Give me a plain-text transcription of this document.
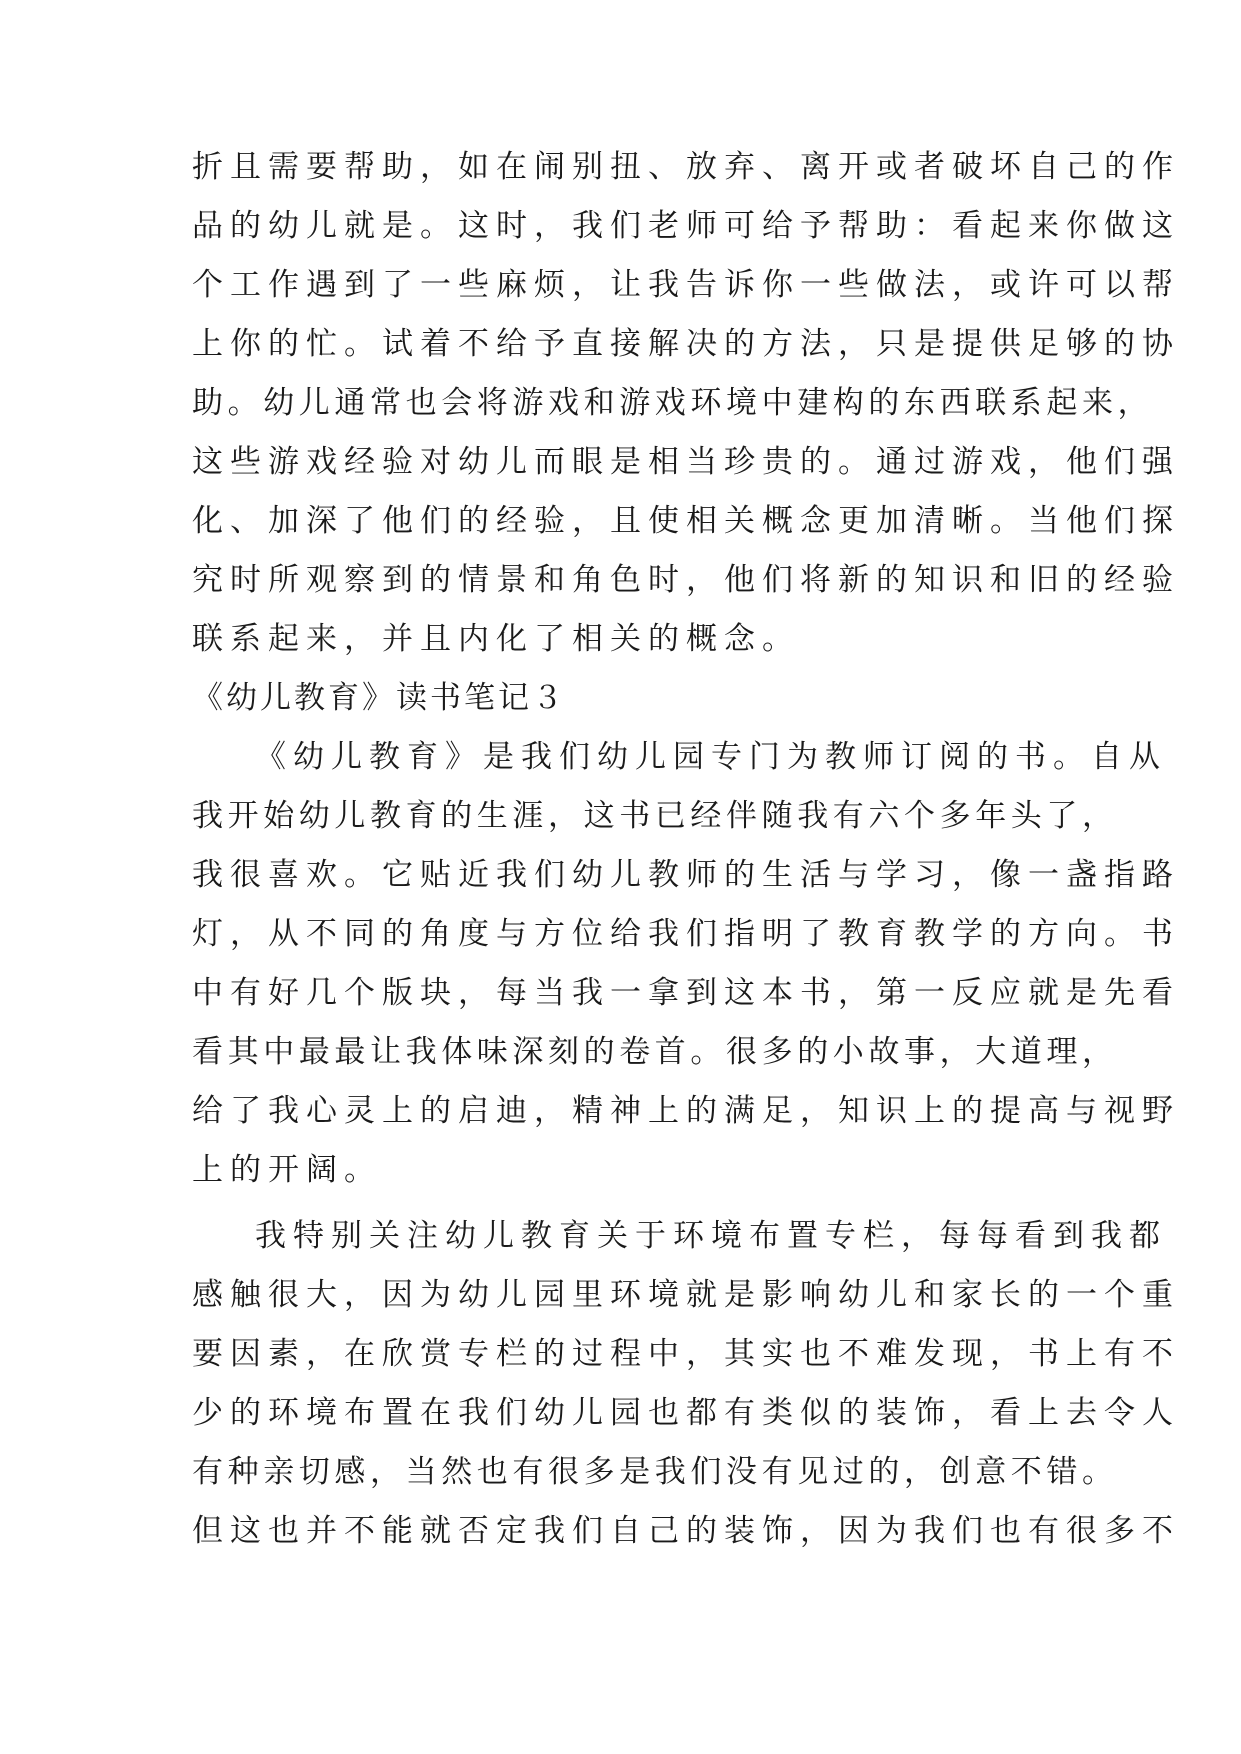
折且需要帮助，如在闹别扭、放弃、离开或者破坏自己的作
品的幼儿就是。这时，我们老师可给予帮助：看起来你做这
个工作遇到了一些麻烦，让我告诉你一些做法，或许可以帮
上你的忙。试着不给予直接解决的方法，只是提供足够的协
助。幼儿通常也会将游戏和游戏环境中建构的东西联系起来，
这些游戏经验对幼儿而眼是相当珍贵的。通过游戏，他们强
化、加深了他们的经验，且使相关概念更加清晰。当他们探
究时所观察到的情景和角色时，他们将新的知识和旧的经验
联系起来，并且内化了相关的概念。
《幼儿教育》读书笔记３
《幼儿教育》是我们幼儿园专门为教师订阅的书。自从
我开始幼儿教育的生涯，这书已经伴随我有六个多年头了，
我很喜欢。它贴近我们幼儿教师的生活与学习，像一盏指路
灯，从不同的角度与方位给我们指明了教育教学的方向。书
中有好几个版块，每当我一拿到这本书，第一反应就是先看
看其中最最让我体味深刻的卷首。很多的小故事，大道理，
给了我心灵上的启迪，精神上的满足，知识上的提高与视野
上的开阔。
我特别关注幼儿教育关于环境布置专栏，每每看到我都
感触很大，因为幼儿园里环境就是影响幼儿和家长的一个重
要因素，在欣赏专栏的过程中，其实也不难发现，书上有不
少的环境布置在我们幼儿园也都有类似的装饰，看上去令人
有种亲切感，当然也有很多是我们没有见过的，创意不错。
但这也并不能就否定我们自己的装饰，因为我们也有很多不
